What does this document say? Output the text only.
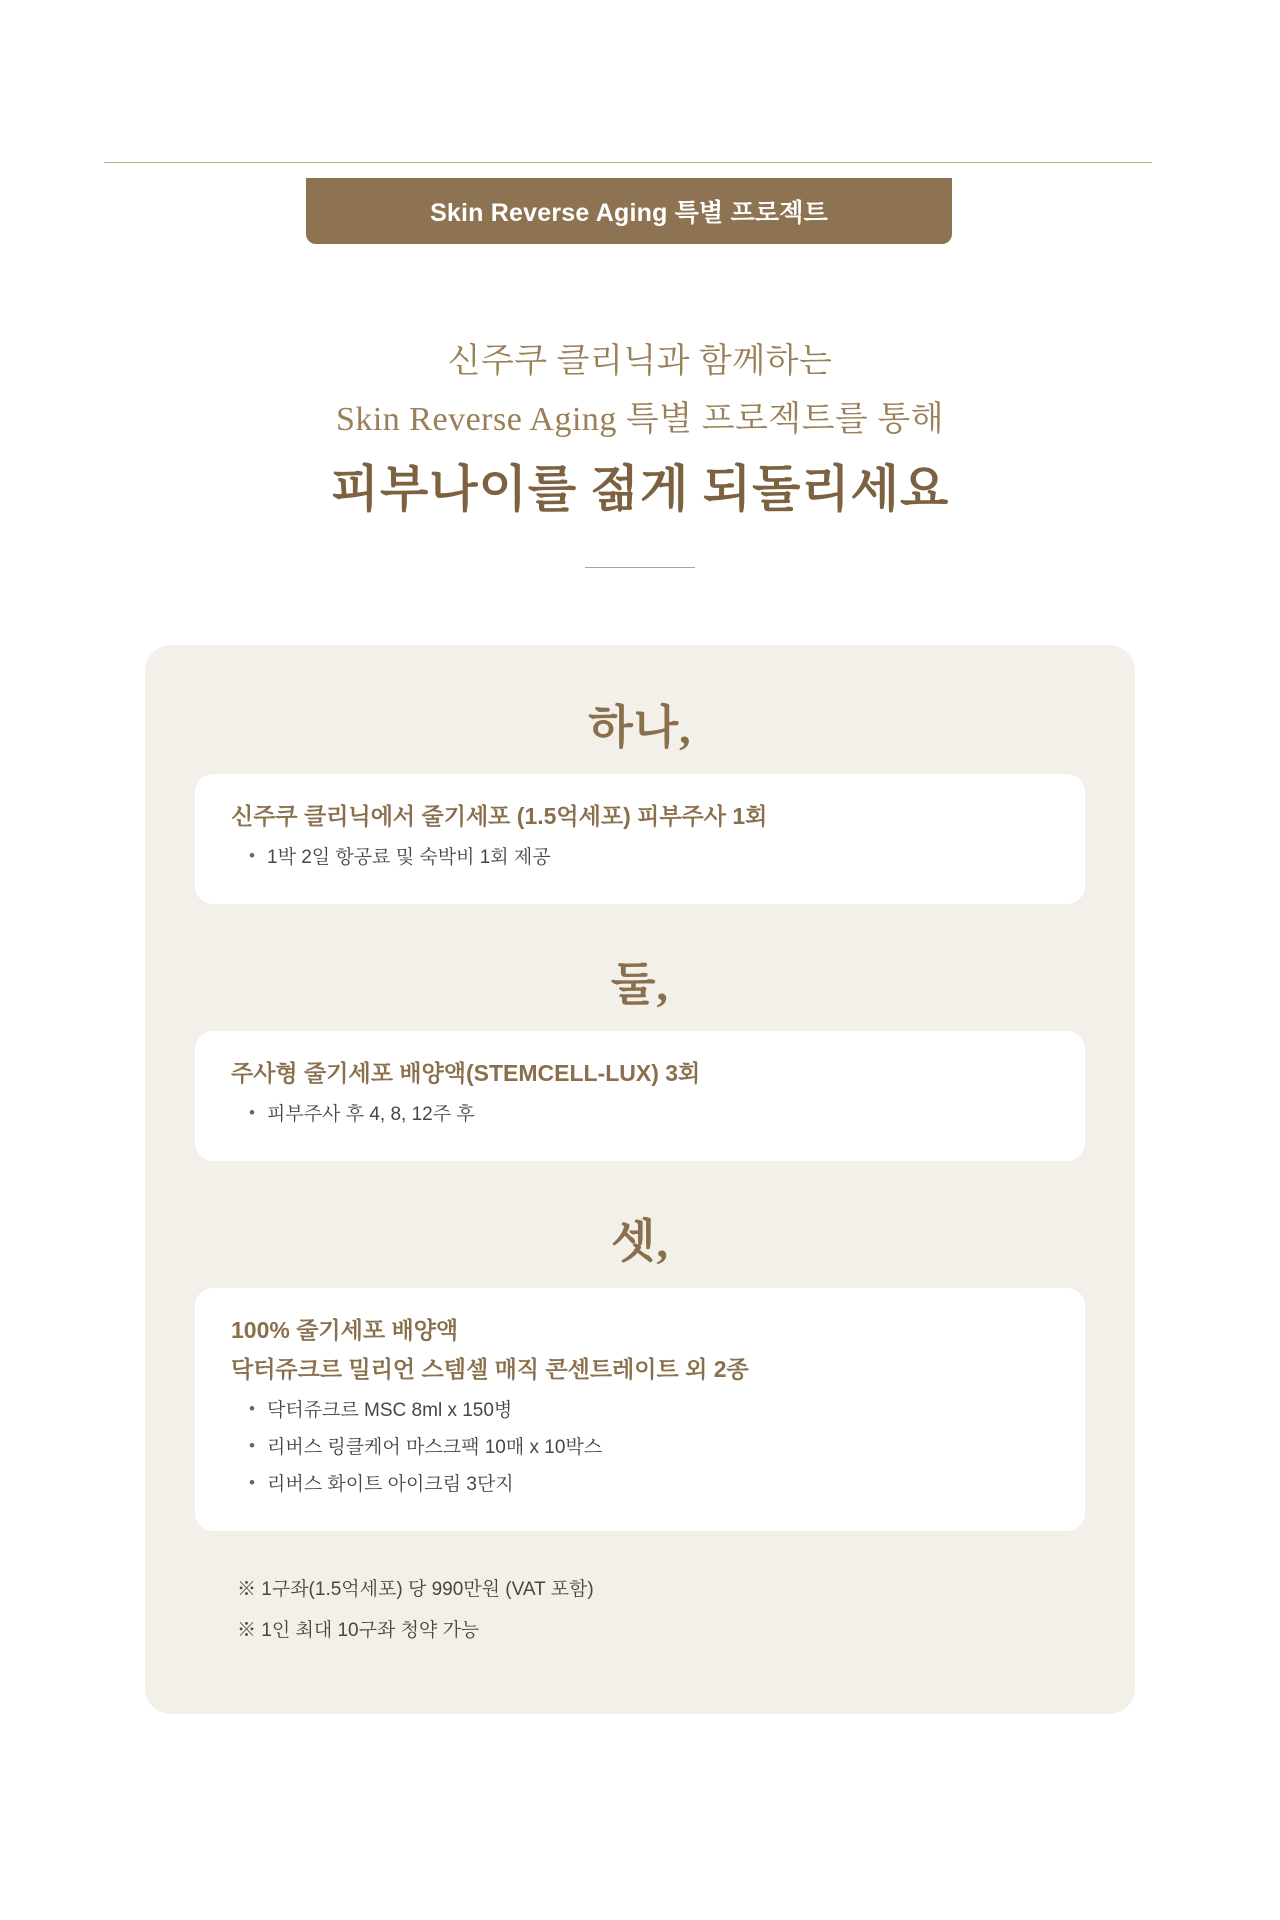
Skin Reverse Aging 특별 프로젝트

신주쿠 클리닉과 함께하는

Skin Reverse Aging 특별 프로젝트를 통해

피부나이를 젊게 되돌리세요
하나,

신주쿠 클리닉에서 줄기세포 (1.5억세포) 피부주사 1회

• 1박 2일 항공료 및 숙박비 1회 제공
둘,

주사형 줄기세포 배양액(STEMCELL-LUX) 3회

• 피부주사 후 4, 8, 12주 후
셋,

100% 줄기세포 배양액

닥터쥬크르 밀리언 스템셀 매직 콘센트레이트 외 2종

• 닥터쥬크르 MSC 8ml x 150병
• 리버스 링클케어 마스크팩 10매 x 10박스
• 리버스 화이트 아이크림 3단지

※ 1구좌(1.5억세포) 당 990만원 (VAT 포함)

※ 1인 최대 10구좌 청약 가능
